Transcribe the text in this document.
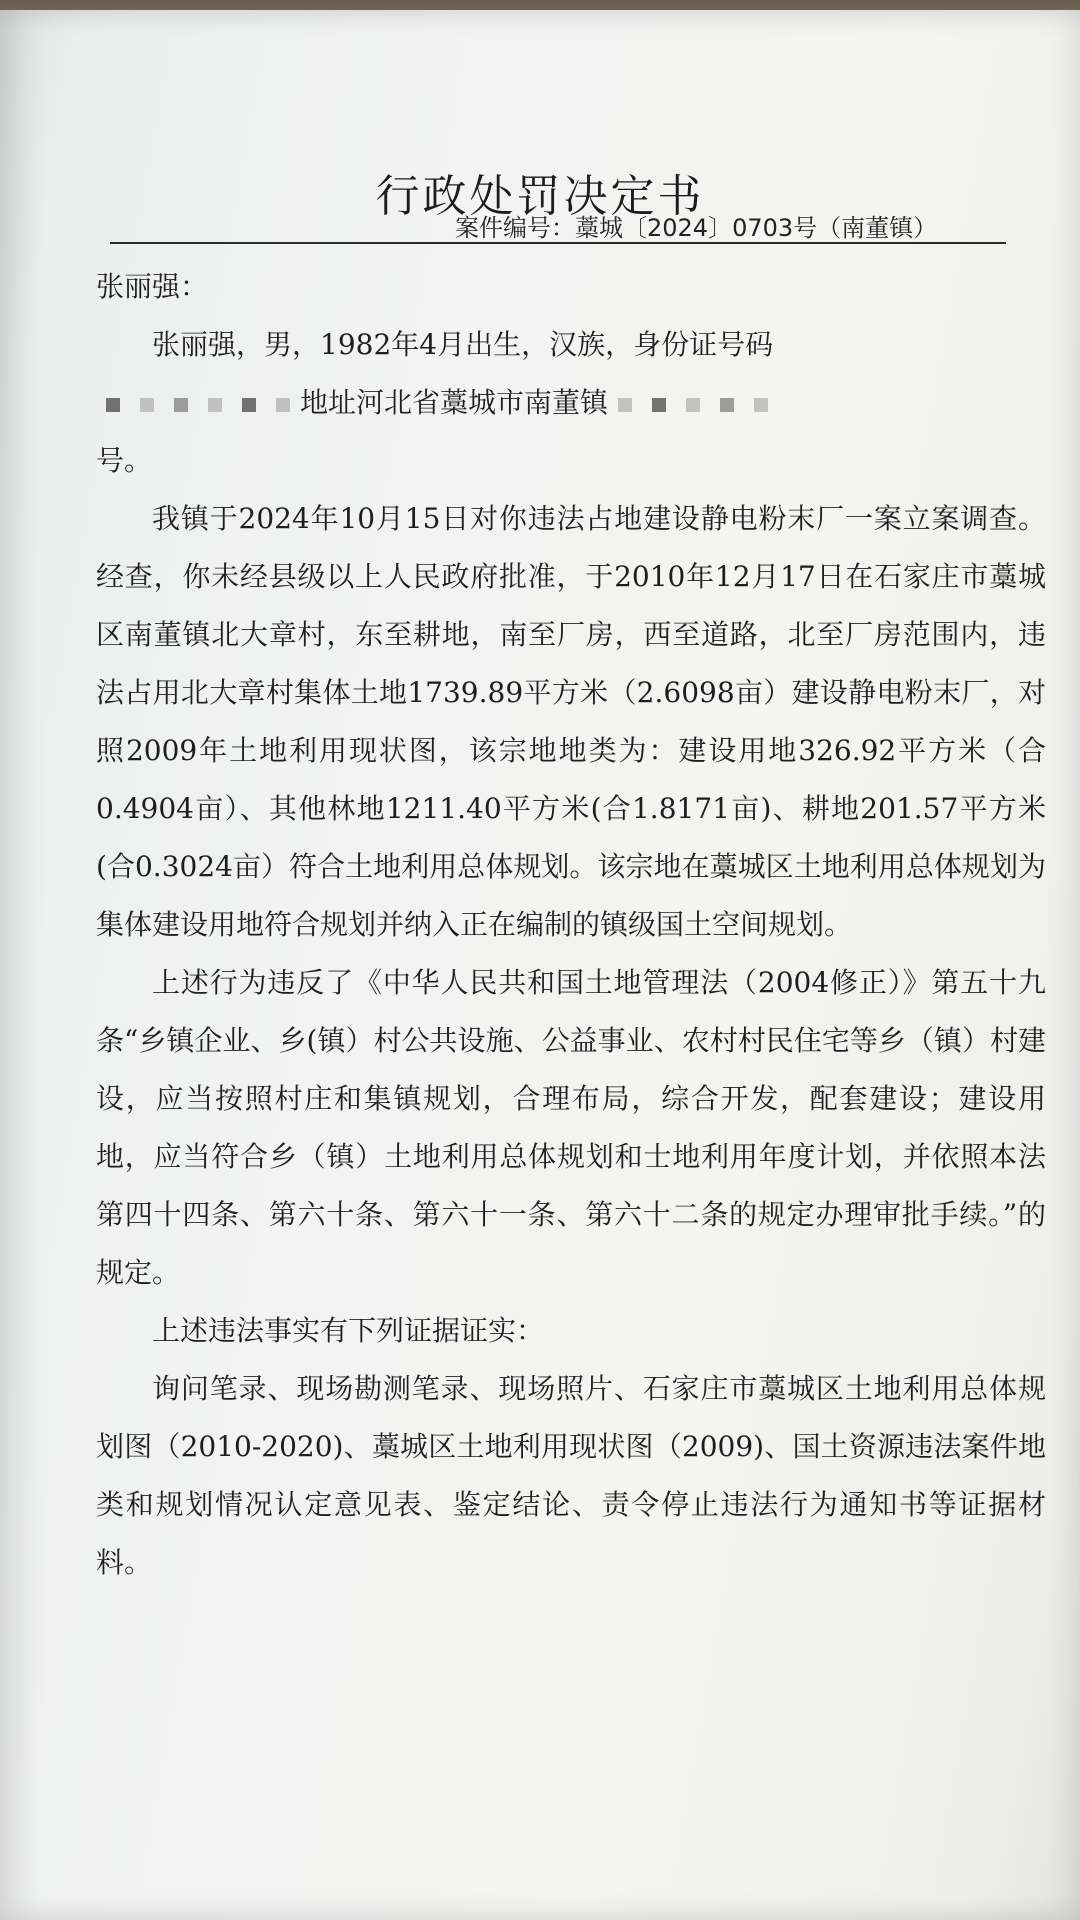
行政处罚决定书
案件编号：藁城〔2024〕0703号（南董镇）

张丽强：

张丽强，男，1982年4月出生，汉族，身份证号码

地址河北省藁城市南董镇

号。

我镇于2024年10月15日对你违法占地建设静电粉末厂一案立案调查。经查，你未经县级以上人民政府批准，于2010年12月17日在石家庄市藁城区南董镇北大章村，东至耕地，南至厂房，西至道路，北至厂房范围内，违法占用北大章村集体土地1739.89平方米（2.6098亩）建设静电粉末厂，对照2009年土地利用现状图，该宗地地类为：建设用地326.92平方米（合0.4904亩）、其他林地1211.40平方米(合1.8171亩)、耕地201.57平方米(合0.3024亩）符合土地利用总体规划。该宗地在藁城区土地利用总体规划为集体建设用地符合规划并纳入正在编制的镇级国土空间规划。

上述行为违反了《中华人民共和国土地管理法（2004修正）》第五十九条“乡镇企业、乡(镇）村公共设施、公益事业、农村村民住宅等乡（镇）村建设，应当按照村庄和集镇规划，合理布局，综合开发，配套建设；建设用地，应当符合乡（镇）土地利用总体规划和士地利用年度计划，并依照本法第四十四条、第六十条、第六十一条、第六十二条的规定办理审批手续。”的规定。

上述违法事实有下列证据证实：

询问笔录、现场勘测笔录、现场照片、石家庄市藁城区土地利用总体规划图（2010-2020)、藁城区土地利用现状图（2009)、国土资源违法案件地类和规划情况认定意见表、鉴定结论、责令停止违法行为通知书等证据材料。
